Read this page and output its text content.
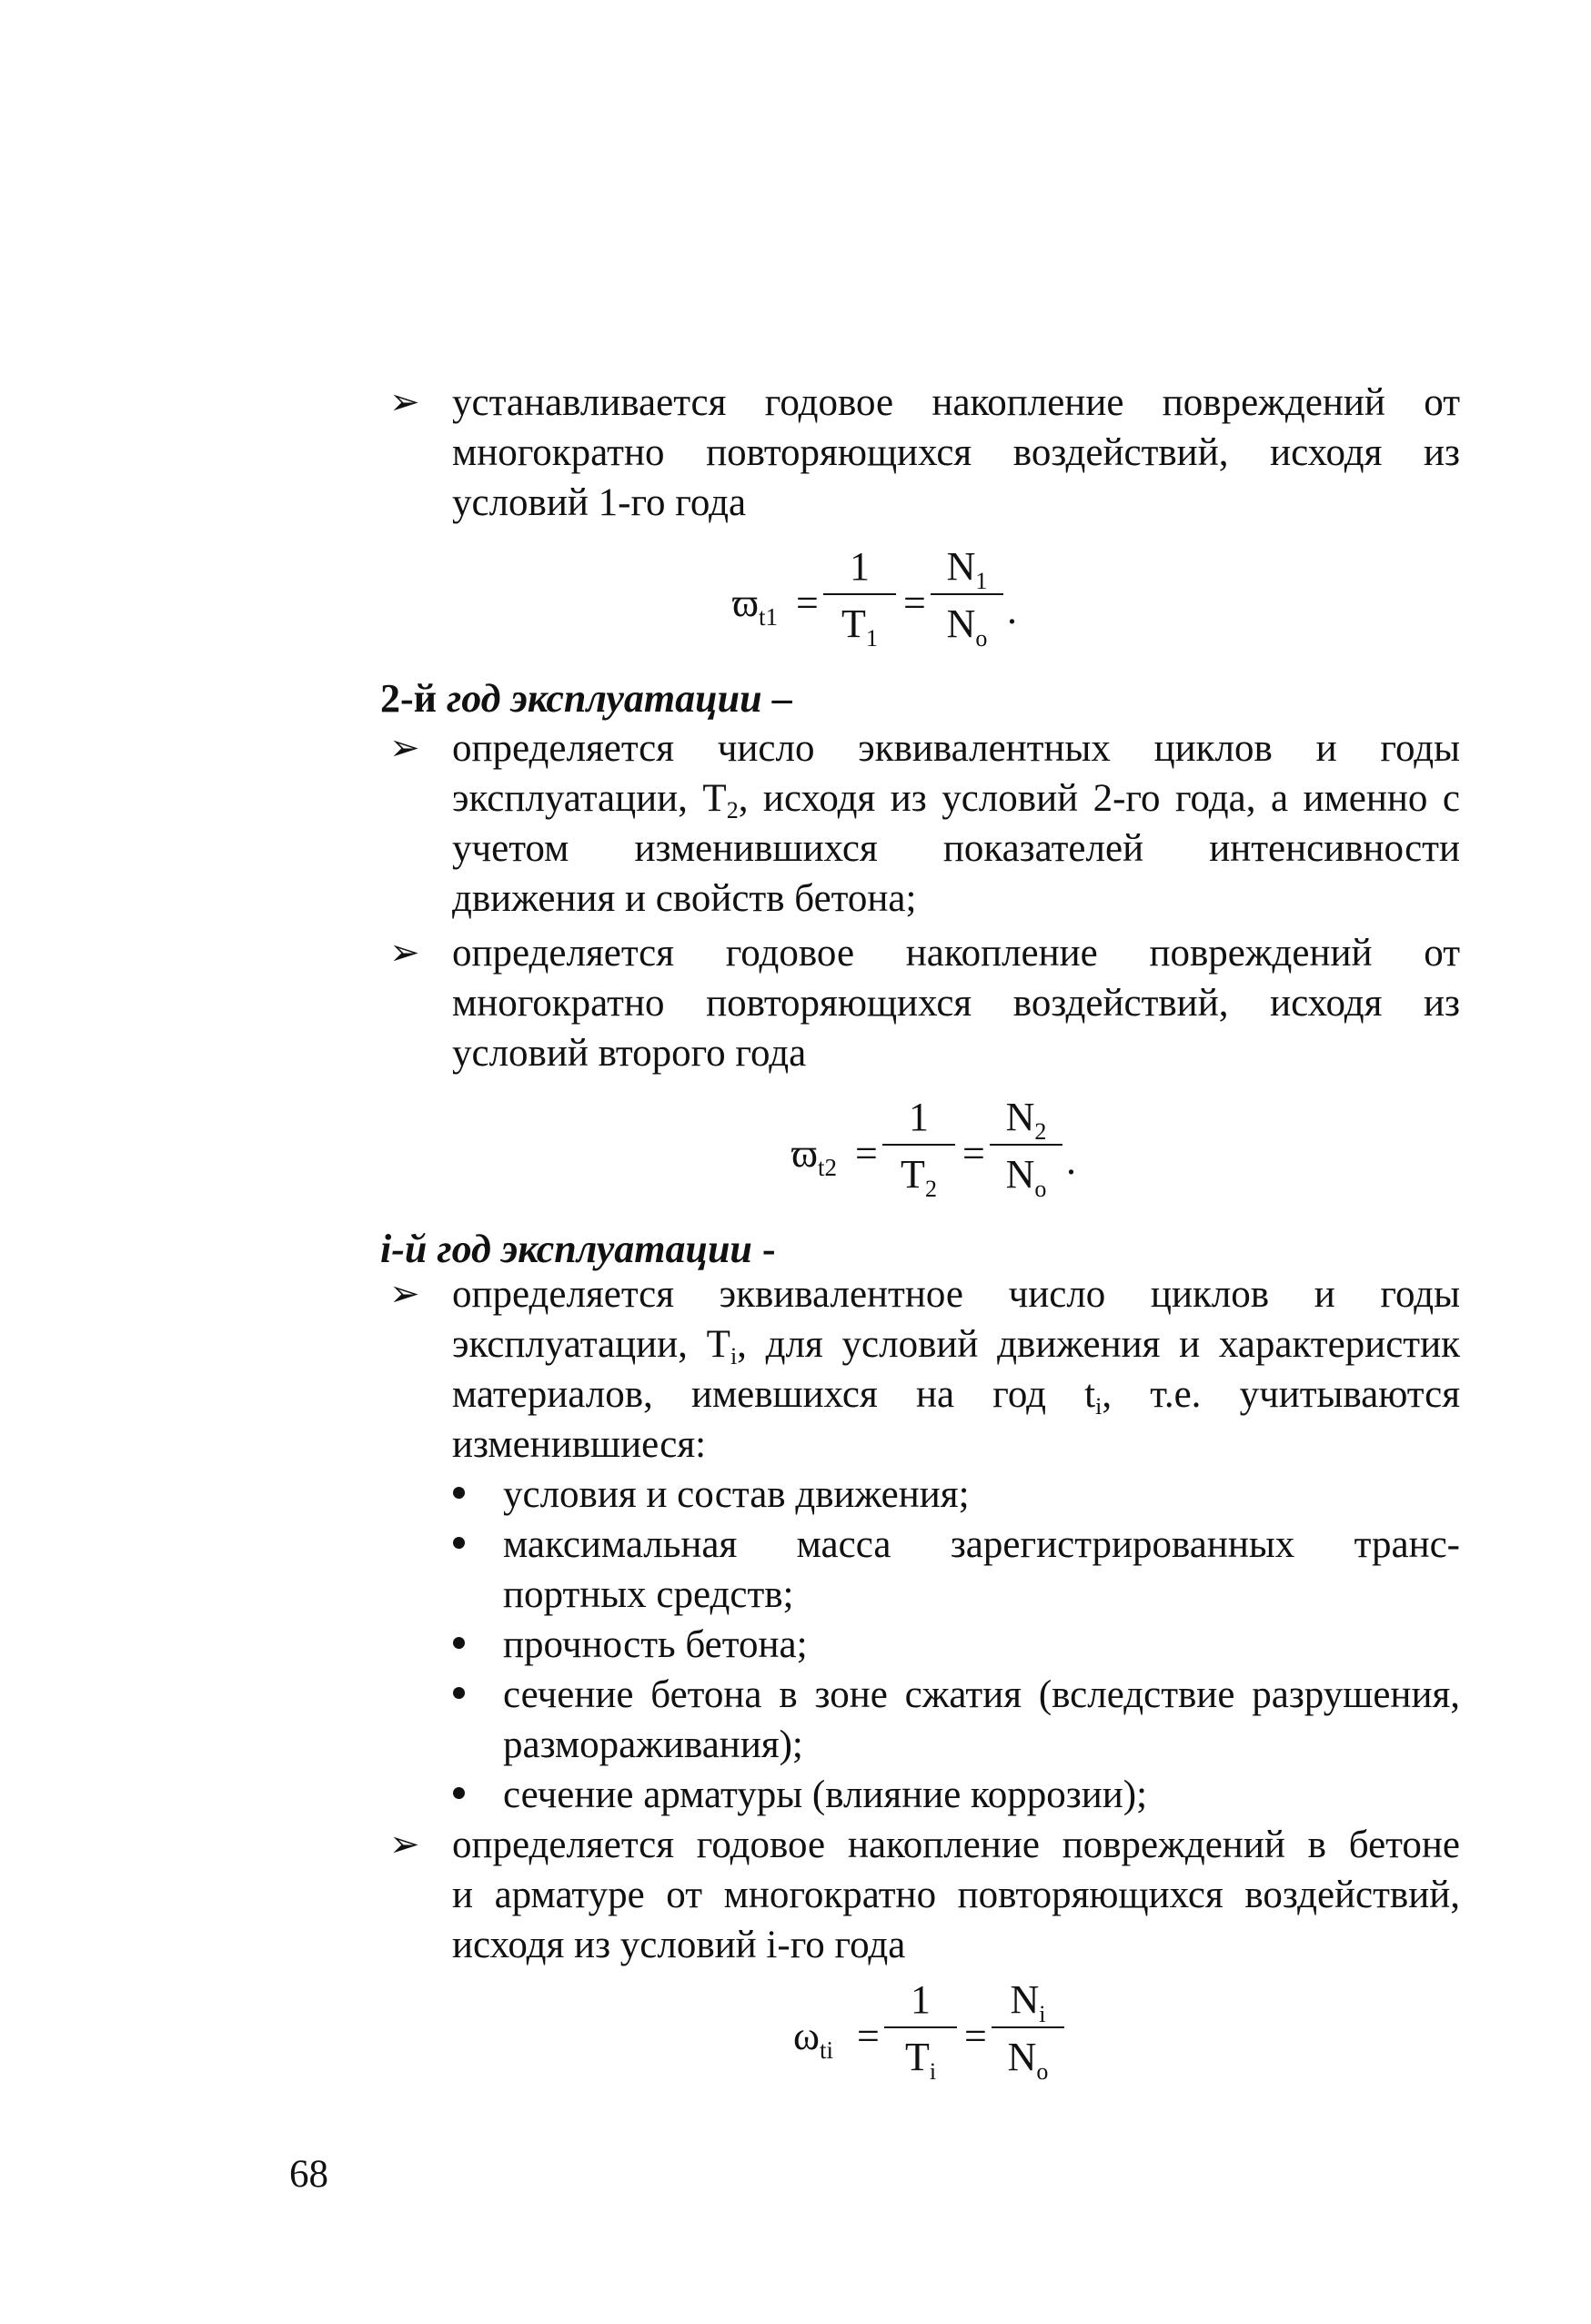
➢ устанавливается годовое накопление повреждений от
многократно повторяющихся воздействий, исходя из
условий 1-го года
$ϖ_{t1}$ =
1
$T_1$
=
$N_1$
$N_o$
.
2-й год эксплуатации –
➢ определяется число эквивалентных циклов и годы
эксплуатации, $Т_2$, исходя из условий 2-го года, а именно с
учетом изменившихся показателей интенсивности
движения и свойств бетона;
➢ определяется годовое накопление повреждений от
многократно повторяющихся воздействий, исходя из
условий второго года
$ϖ_{t2}$ =
1
$T_2$
=
$N_2$
$N_o$
.
i-й год эксплуатации -
➢ определяется эквивалентное число циклов и годы
эксплуатации, $Т_i$, для условий движения и характеристик
материалов, имевшихся на год $t_i$, т.е. учитываются
изменившиеся:
условия и состав движения;
максимальная масса зарегистрированных транс-
портных средств;
прочность бетона;
сечение бетона в зоне сжатия (вследствие разрушения,
размораживания);
сечение арматуры (влияние коррозии);
➢ определяется годовое накопление повреждений в бетоне
и арматуре от многократно повторяющихся воздействий,
исходя из условий i-го года
$\omega_{ti}$ =
1
$T_i$
=
$N_i$
$N_o$
68
